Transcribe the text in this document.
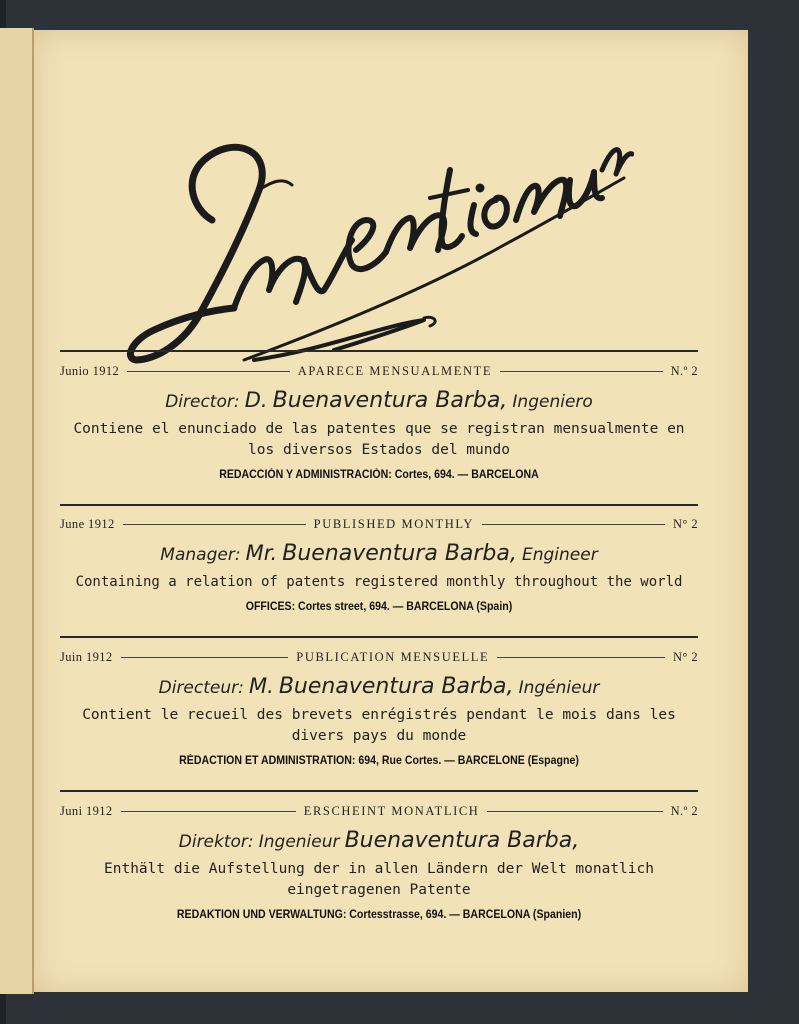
Junio 1912	APARECE MENSUALMENTE	N.º 2
Director: D. Buenaventura Barba, Ingeniero
Contiene el enunciado de las patentes que se registran mensualmente en los diversos Estados del mundo
REDACCIÓN Y ADMINISTRACIÓN: Cortes, 694. — BARCELONA
June 1912	PUBLISHED MONTHLY	N° 2
Manager: Mr. Buenaventura Barba, Engineer
Containing a relation of patents registered monthly throughout the world
OFFICES: Cortes street, 694. — BARCELONA (Spain)
Juin 1912	PUBLICATION MENSUELLE	N° 2
Directeur: M. Buenaventura Barba, Ingénieur
Contient le recueil des brevets enrégistrés pendant le mois dans les divers pays du monde
RÉDACTION ET ADMINISTRATION: 694, Rue Cortes. — BARCELONE (Espagne)
Juni 1912	ERSCHEINT MONATLICH	N.º 2
Direktor: Ingenieur Buenaventura Barba,
Enthält die Aufstellung der in allen Ländern der Welt monatlich eingetragenen Patente
REDAKTION UND VERWALTUNG: Cortesstrasse, 694. — BARCELONA (Spanien)
